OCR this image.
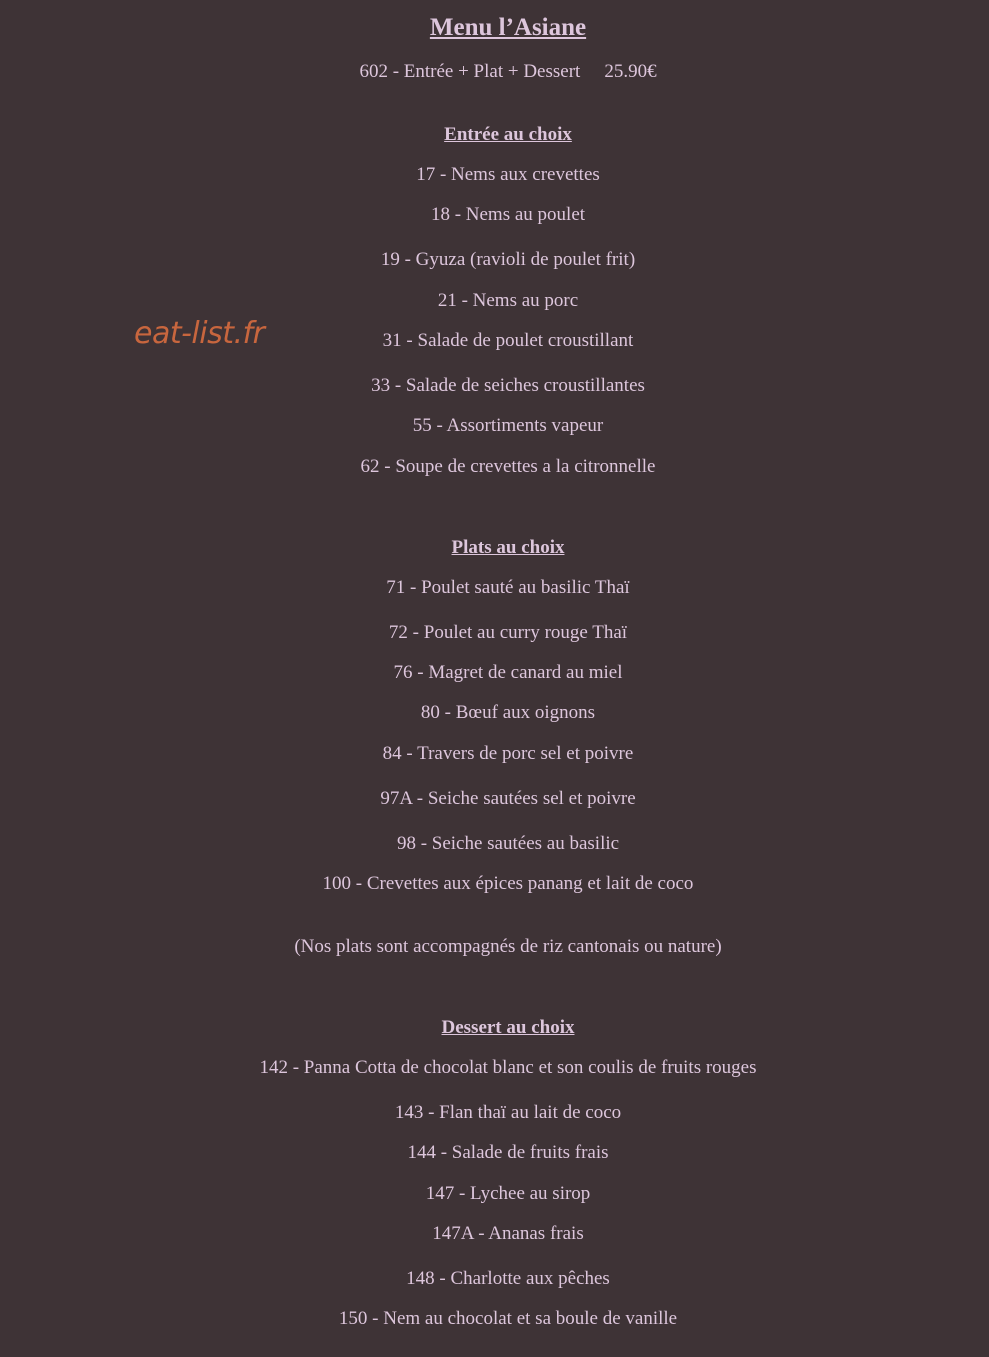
Menu l’Asiane
602 - Entrée + Plat + Dessert 25.90€
Entrée au choix
17 - Nems aux crevettes
18 - Nems au poulet
19 - Gyuza (ravioli de poulet frit)
21 - Nems au porc
31 - Salade de poulet croustillant
33 - Salade de seiches croustillantes
55 - Assortiments vapeur
62 - Soupe de crevettes a la citronnelle
Plats au choix
71 - Poulet sauté au basilic Thaï
72 - Poulet au curry rouge Thaï
76 - Magret de canard au miel
80 - Bœuf aux oignons
84 - Travers de porc sel et poivre
97A - Seiche sautées sel et poivre
98 - Seiche sautées au basilic
100 - Crevettes aux épices panang et lait de coco
(Nos plats sont accompagnés de riz cantonais ou nature)
Dessert au choix
142 - Panna Cotta de chocolat blanc et son coulis de fruits rouges
143 - Flan thaï au lait de coco
144 - Salade de fruits frais
147 - Lychee au sirop
147A - Ananas frais
148 - Charlotte aux pêches
150 - Nem au chocolat et sa boule de vanille
eat-list.fr
